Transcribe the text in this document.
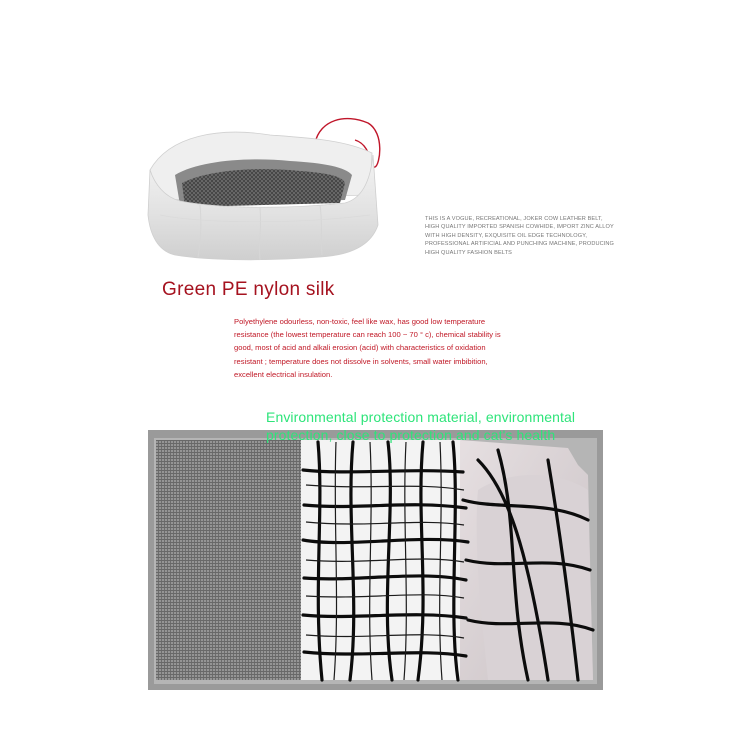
THIS IS A VOGUE, RECREATIONAL, JOKER COW LEATHER BELT, HIGH QUALITY IMPORTED SPANISH COWHIDE, IMPORT ZINC ALLOY WITH HIGH DENSITY, EXQUISITE OIL EDGE TECHNOLOGY, PROFESSIONAL ARTIFICIAL AND PUNCHING MACHINE, PRODUCING HIGH QUALITY FASHION BELTS
Green PE nylon silk
Polyethylene odourless, non-toxic, feel like wax, has good low temperature resistance (the lowest temperature can reach 100 ~ 70 ° c), chemical stability is good, most of acid and alkali erosion (acid) with characteristics of oxidation resistant ; temperature does not dissolve in solvents, small water imbibition, excellent electrical insulation.
Environmental protection material, environmental protection, close to protection and cat's health
